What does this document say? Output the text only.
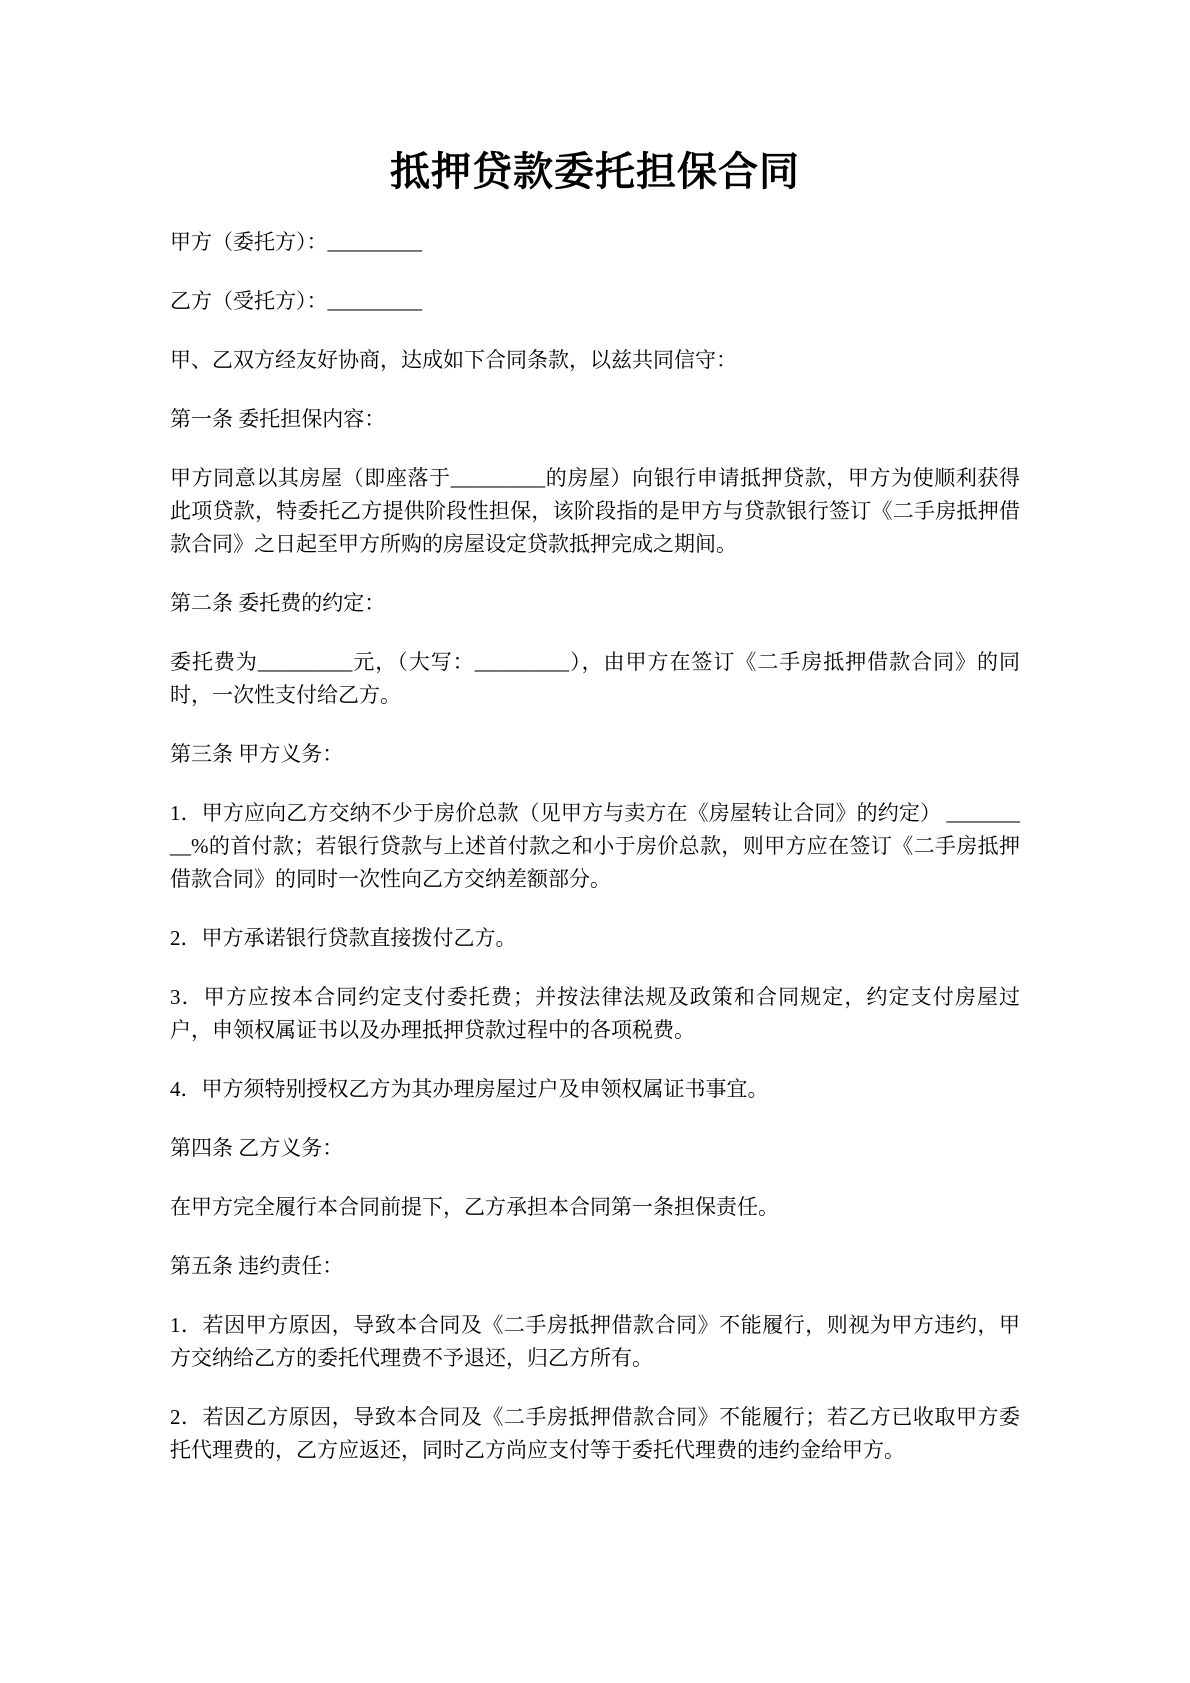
抵押贷款委托担保合同

甲方（委托方）：_________

乙方（受托方）：_________

甲、乙双方经友好协商，达成如下合同条款，以兹共同信守：

第一条 委托担保内容：

甲方同意以其房屋（即座落于_________的房屋）向银行申请抵押贷款，甲方为使顺利获得此项贷款，特委托乙方提供阶段性担保，该阶段指的是甲方与贷款银行签订《二手房抵押借款合同》之日起至甲方所购的房屋设定贷款抵押完成之期间。

第二条 委托费的约定：

委托费为_________元，（大写：_________），由甲方在签订《二手房抵押借款合同》的同时，一次性支付给乙方。

第三条 甲方义务：

1．甲方应向乙方交纳不少于房价总款（见甲方与卖方在《房屋转让合同》的约定） _________%的首付款；若银行贷款与上述首付款之和小于房价总款，则甲方应在签订《二手房抵押借款合同》的同时一次性向乙方交纳差额部分。

2．甲方承诺银行贷款直接拨付乙方。

3．甲方应按本合同约定支付委托费；并按法律法规及政策和合同规定，约定支付房屋过户，申领权属证书以及办理抵押贷款过程中的各项税费。

4．甲方须特别授权乙方为其办理房屋过户及申领权属证书事宜。

第四条 乙方义务：

在甲方完全履行本合同前提下，乙方承担本合同第一条担保责任。

第五条 违约责任：

1．若因甲方原因，导致本合同及《二手房抵押借款合同》不能履行，则视为甲方违约，甲方交纳给乙方的委托代理费不予退还，归乙方所有。

2．若因乙方原因，导致本合同及《二手房抵押借款合同》不能履行；若乙方已收取甲方委托代理费的，乙方应返还，同时乙方尚应支付等于委托代理费的违约金给甲方。
